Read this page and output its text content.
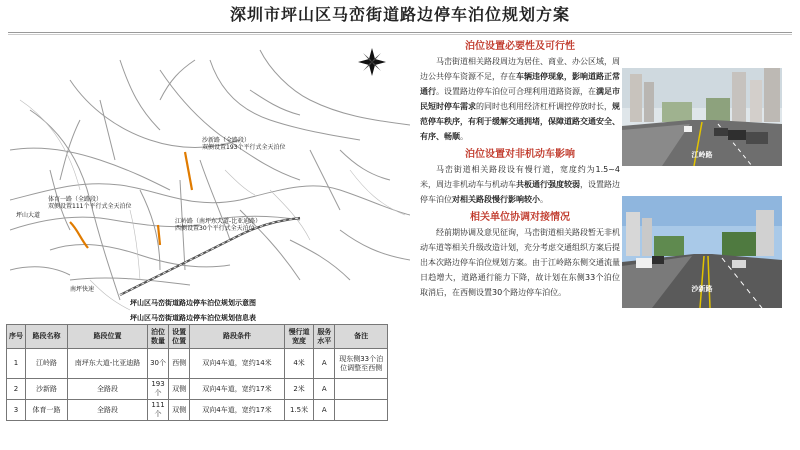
深圳市坪山区马峦街道路边停车泊位规划方案
沙新路（全路段）
双侧设置193个平行式全天泊位
体育一路（全路段）
双侧设置111个平行式全天泊位
江岭路（南坪东大道-比亚迪路）
西侧设置30个平行式全天泊位
坪山大道
南坪快速
坪山区马峦街道路边停车泊位规划示意图
坪山区马峦街道路边停车泊位规划信息表
序号	路段名称	路段位置	泊位数量	设置位置	路段条件	慢行道宽度	服务水平	备注
1	江岭路	南坪东大道-比亚迪路	30个	西侧	双向4车道，宽约14米	4米	A	现东侧33个泊位调整至西侧
2	沙新路	全路段	193个	双侧	双向4车道，宽约17米	2米	A	
3	体育一路	全路段	111个	双侧	双向4车道，宽约17米	1.5米	A	
泊位设置必要性及可行性

马峦街道相关路段周边为居住、商业、办公区域，周边公共停车资源不足，存在车辆违停现象，影响道路正常通行。设置路边停车泊位可合理利用道路资源，在满足市民短时停车需求的同时也利用经济杠杆调控停放时长，规范停车秩序，有利于缓解交通拥堵，保障道路交通安全、有序、畅顺。

泊位设置对非机动车影响

马峦街道相关路段设有慢行道，宽度约为1.5~4米，周边非机动车与机动车共板通行强度较弱，设置路边停车泊位对相关路段慢行影响较小。

相关单位协调对接情况

经前期协调及意见征询，马峦街道相关路段暂无非机动车道等相关升级改造计划，充分考虑交通组织方案后提出本次路边停车泊位规划方案。由于江岭路东侧交通流量日趋增大，道路通行能力下降，故计划在东侧33个泊位取消后，在西侧设置30个路边停车泊位。

江岭路
沙新路
